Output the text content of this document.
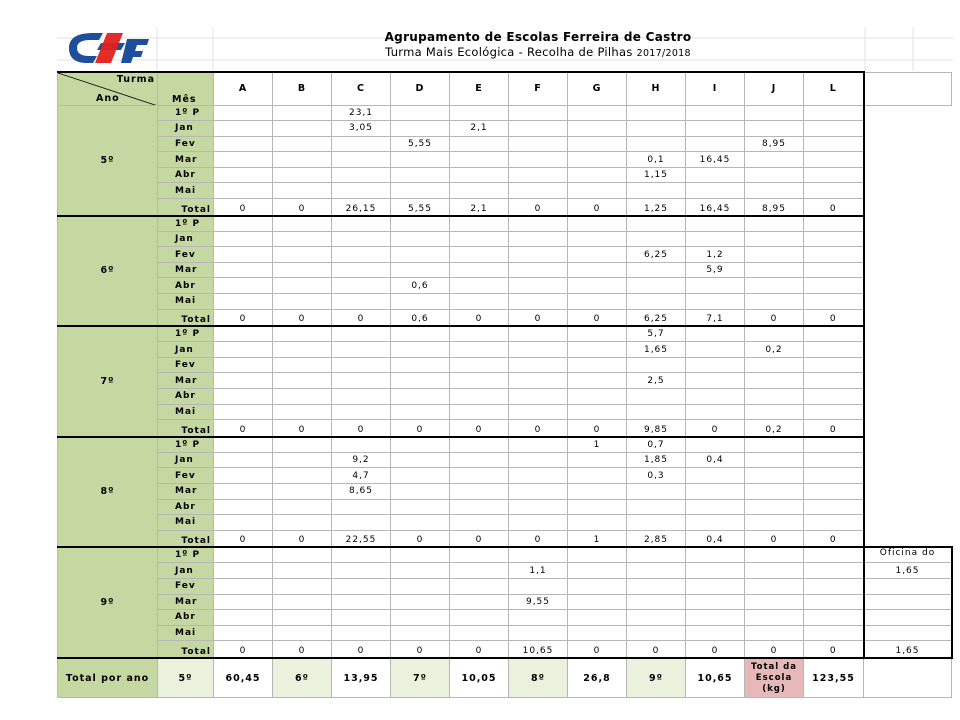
Agrupamento de Escolas Ferreira de Castro
Turma Mais Ecológica - Recolha de Pilhas 2017/2018
Turma
Ano	Mês	A	B	C	D	E	F	G	H	I	J	L	
5º	1º P			23,1									
	Jan			3,05		2,1							
	Fev				5,55						8,95		
	Mar								0,1	16,45			
	Abr								1,15				
	Mai												
	Total	0	0	26,15	5,55	2,1	0	0	1,25	16,45	8,95	0	
6º	1º P												
	Jan												
	Fev								6,25	1,2			
	Mar									5,9			
	Abr				0,6								
	Mai												
	Total	0	0	0	0,6	0	0	0	6,25	7,1	0	0	
7º	1º P								5,7				
	Jan								1,65		0,2		
	Fev												
	Mar								2,5				
	Abr												
	Mai												
	Total	0	0	0	0	0	0	0	9,85	0	0,2	0	
8º	1º P							1	0,7				
	Jan			9,2					1,85	0,4			
	Fev			4,7					0,3				
	Mar			8,65									
	Abr												
	Mai												
	Total	0	0	22,55	0	0	0	1	2,85	0,4	0	0	
9º	1º P												Oficina do
	Jan						1,1						1,65
	Fev												
	Mar						9,55						
	Abr												
	Mai												
	Total	0	0	0	0	0	10,65	0	0	0	0	0	1,65
Total por ano	5º	60,45	6º	13,95	7º	10,05	8º	26,8	9º	10,65	Total da Escola (kg)	123,55	
